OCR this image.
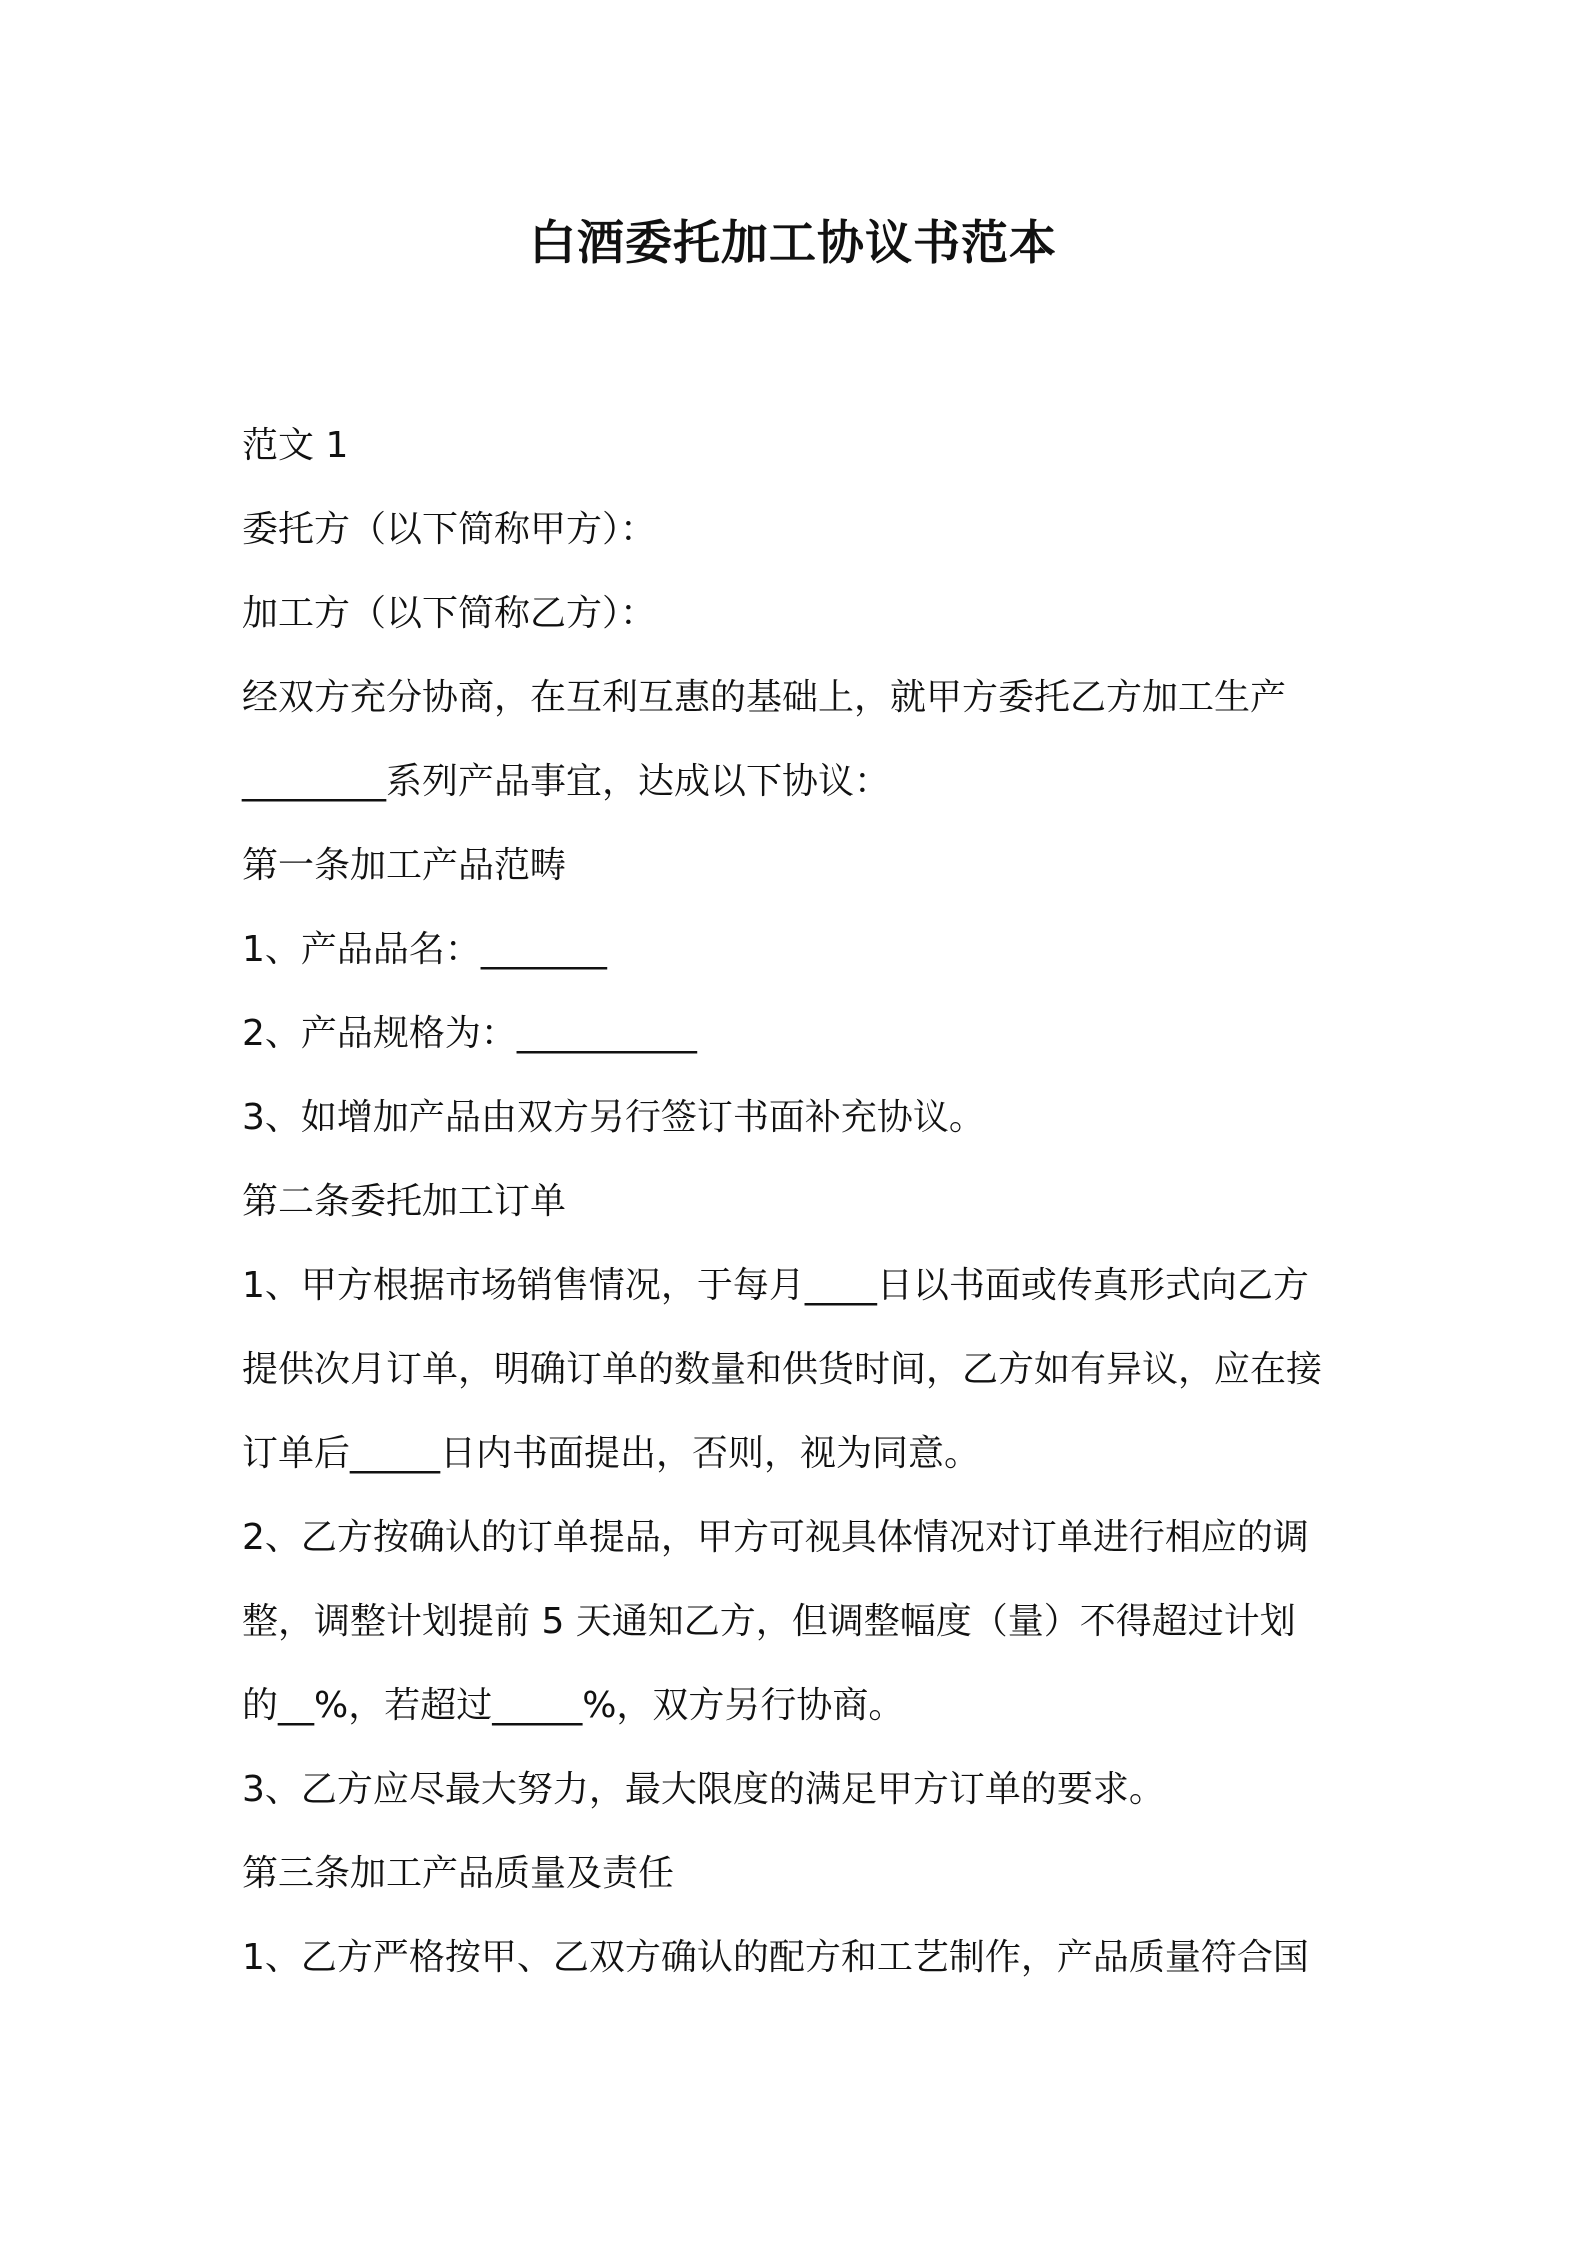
白酒委托加工协议书范本

范文 1

委托方（以下简称甲方）：

加工方（以下简称乙方）：

经双方充分协商，在互利互惠的基础上，就甲方委托乙方加工生产

________系列产品事宜，达成以下协议：

第一条加工产品范畴

1、产品品名：_______

2、产品规格为：__________

3、如增加产品由双方另行签订书面补充协议。

第二条委托加工订单

1、甲方根据市场销售情况，于每月____日以书面或传真形式向乙方

提供次月订单，明确订单的数量和供货时间，乙方如有异议，应在接

订单后_____日内书面提出，否则，视为同意。

2、乙方按确认的订单提品，甲方可视具体情况对订单进行相应的调

整，调整计划提前 5 天通知乙方，但调整幅度（量）不得超过计划

的__%，若超过_____%，双方另行协商。

3、乙方应尽最大努力，最大限度的满足甲方订单的要求。

第三条加工产品质量及责任

1、乙方严格按甲、乙双方确认的配方和工艺制作，产品质量符合国
